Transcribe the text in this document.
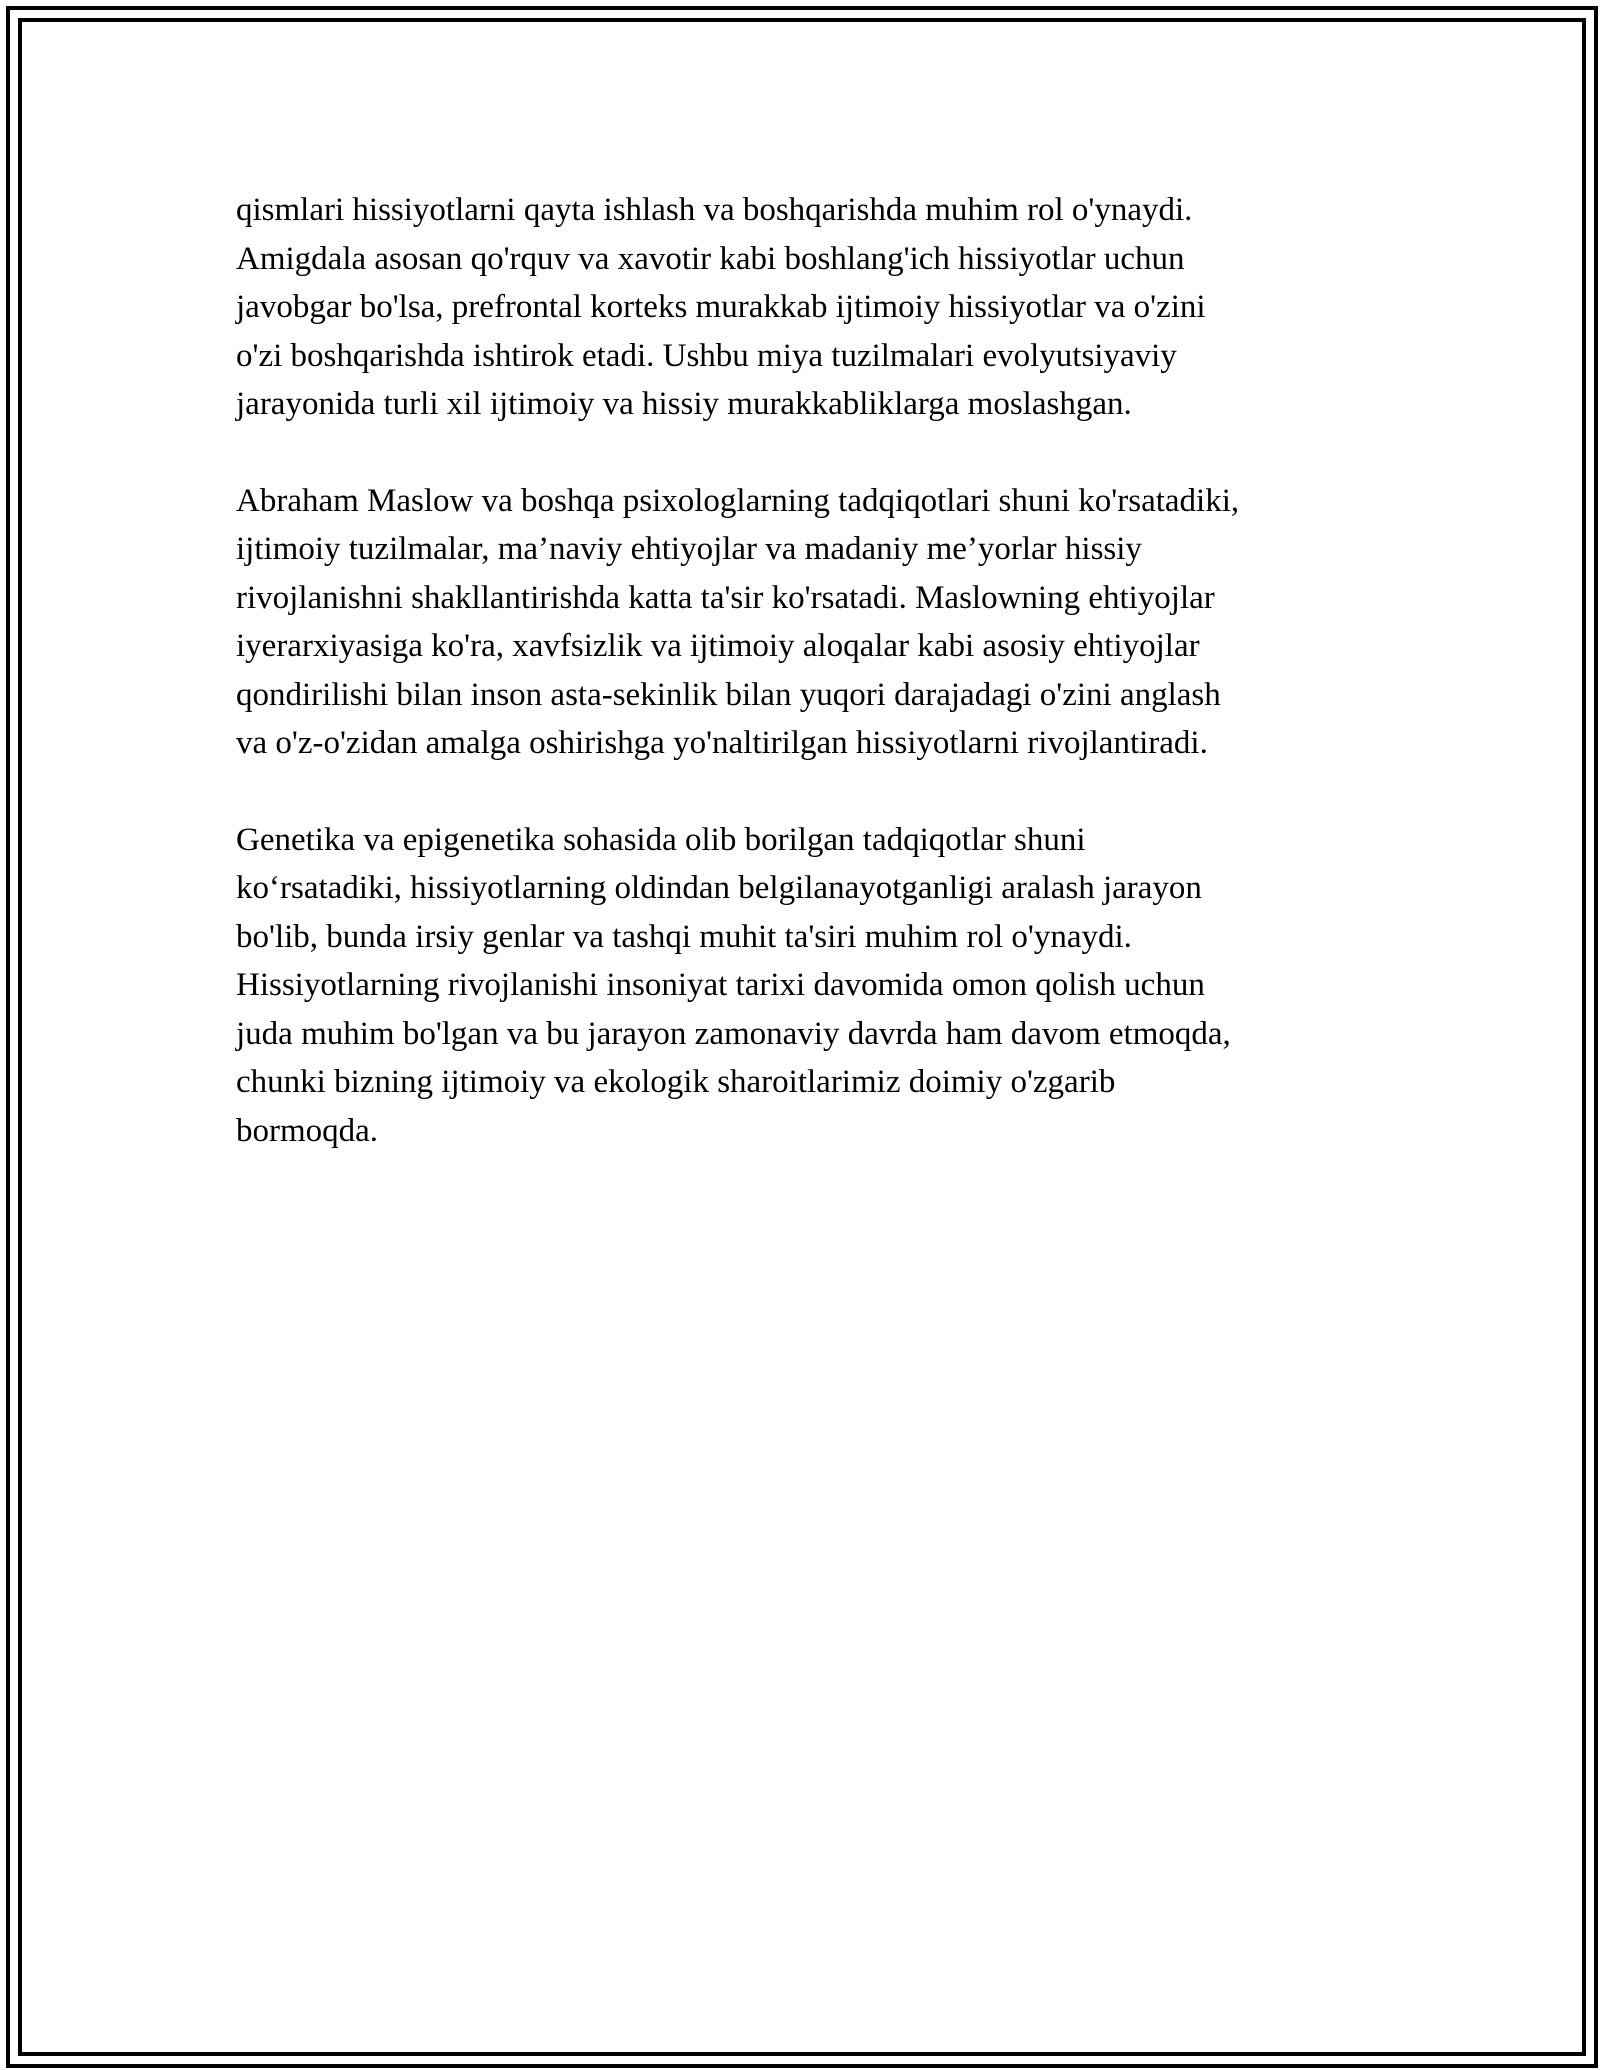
qismlari hissiyotlarni qayta ishlash va boshqarishda muhim rol o'ynaydi.
Amigdala asosan qo'rquv va xavotir kabi boshlang'ich hissiyotlar uchun
javobgar bo'lsa, prefrontal korteks murakkab ijtimoiy hissiyotlar va o'zini
o'zi boshqarishda ishtirok etadi. Ushbu miya tuzilmalari evolyutsiyaviy
jarayonida turli xil ijtimoiy va hissiy murakkabliklarga moslashgan.

Abraham Maslow va boshqa psixologlarning tadqiqotlari shuni ko'rsatadiki,
ijtimoiy tuzilmalar, ma’naviy ehtiyojlar va madaniy me’yorlar hissiy
rivojlanishni shakllantirishda katta ta'sir ko'rsatadi. Maslowning ehtiyojlar
iyerarxiyasiga ko'ra, xavfsizlik va ijtimoiy aloqalar kabi asosiy ehtiyojlar
qondirilishi bilan inson asta-sekinlik bilan yuqori darajadagi o'zini anglash
va o'z-o'zidan amalga oshirishga yo'naltirilgan hissiyotlarni rivojlantiradi.

Genetika va epigenetika sohasida olib borilgan tadqiqotlar shuni
ko‘rsatadiki, hissiyotlarning oldindan belgilanayotganligi aralash jarayon
bo'lib, bunda irsiy genlar va tashqi muhit ta'siri muhim rol o'ynaydi.
Hissiyotlarning rivojlanishi insoniyat tarixi davomida omon qolish uchun
juda muhim bo'lgan va bu jarayon zamonaviy davrda ham davom etmoqda,
chunki bizning ijtimoiy va ekologik sharoitlarimiz doimiy o'zgarib
bormoqda.
